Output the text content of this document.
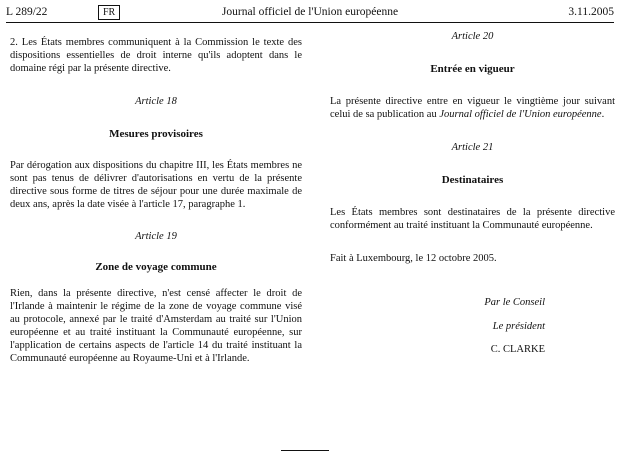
L 289/22	FR	Journal officiel de l'Union européenne	3.11.2005

2. Les États membres communiquent à la Commission le texte des dispositions essentielles de droit interne qu'ils adoptent dans le domaine régi par la présente directive.

Article 18

Mesures provisoires

Par dérogation aux dispositions du chapitre III, les États membres ne sont pas tenus de délivrer d'autorisations en vertu de la présente directive sous forme de titres de séjour pour une durée maximale de deux ans, après la date visée à l'article 17, paragraphe 1.

Article 19

Zone de voyage commune

Rien, dans la présente directive, n'est censé affecter le droit de l'Irlande à maintenir le régime de la zone de voyage commune visé au protocole, annexé par le traité d'Amsterdam au traité sur l'Union européenne et au traité instituant la Communauté européenne, sur l'application de certains aspects de l'article 14 du traité instituant la Communauté européenne au Royaume-Uni et à l'Irlande.

Article 20

Entrée en vigueur

La présente directive entre en vigueur le vingtième jour suivant celui de sa publication au Journal officiel de l'Union européenne.

Article 21

Destinataires

Les États membres sont destinataires de la présente directive conformément au traité instituant la Communauté européenne.

Fait à Luxembourg, le 12 octobre 2005.

Par le Conseil

Le président

C. CLARKE
